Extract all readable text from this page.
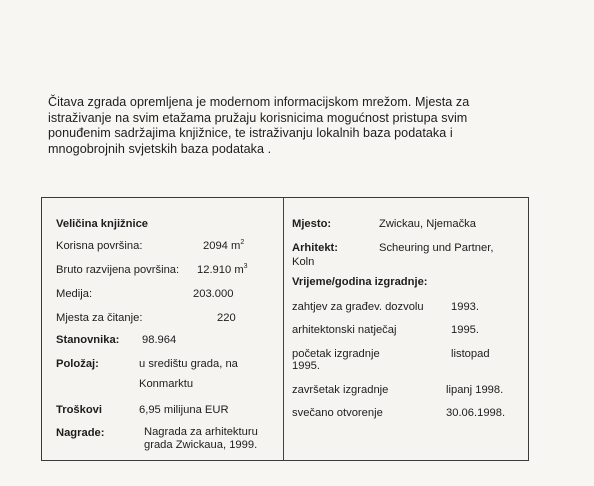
Čitava zgrada opremljena je modernom informacijskom mrežom. Mjesta za
istraživanje na svim etažama pružaju korisnicima mogućnost pristupa svim
ponuđenim sadržajima knjižnice, te istraživanju lokalnih baza podataka i
mnogobrojnih svjetskih baza podataka .
Veličina knjižnice
Korisna površina:	2094 $m^2$
Bruto razvijena površina: 12.910 $m^3$
Medija:	203.000
Mjesta za čitanje:	220
Stanovnika: 98.964
Položaj:	u središtu grada, na
Konmarktu
Troškovi	6,95 milijuna EUR
Nagrade:	Nagrada za arhitekturu
grada Zwickaua, 1999.
Mjesto:	Zwickau, Njemačka
Arhitekt:	Scheuring und Partner,
Koln
Vrijeme/godina izgradnje:
zahtjev za građev. dozvolu 1993.
arhitektonski natječaj	1995.
početak izgradnje	listopad
1995.
završetak izgradnje	lipanj 1998.
svečano otvorenje	30.06.1998.
